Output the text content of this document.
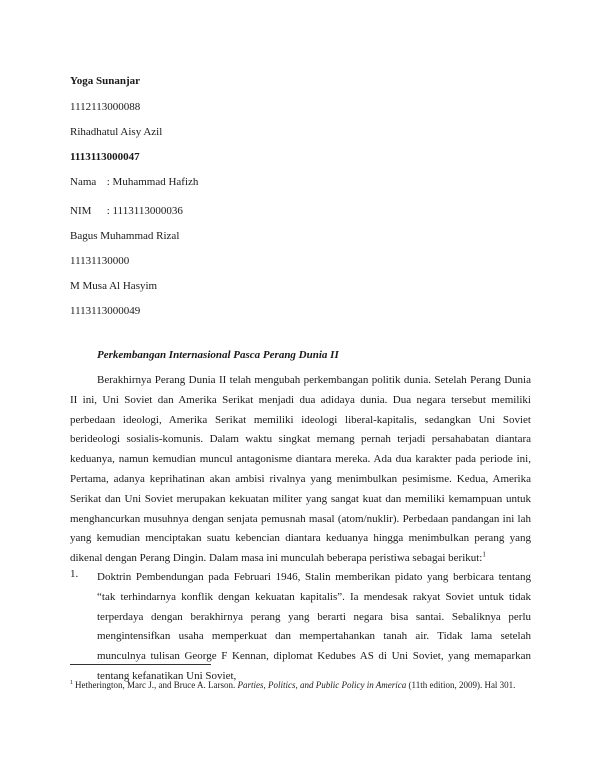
Yoga Sunanjar
1112113000088
Rihadhatul Aisy Azil
1113113000047
Nama : Muhammad Hafizh
NIM : 1113113000036
Bagus Muhammad Rizal
11131130000
M Musa Al Hasyim
1113113000049
Perkembangan Internasional Pasca Perang Dunia II

Berakhirnya Perang Dunia II telah mengubah perkembangan politik dunia. Setelah Perang Dunia II ini, Uni Soviet dan Amerika Serikat menjadi dua adidaya dunia. Dua negara tersebut memiliki perbedaan ideologi, Amerika Serikat memiliki ideologi liberal-kapitalis, sedangkan Uni Soviet berideologi sosialis-komunis. Dalam waktu singkat memang pernah terjadi persahabatan diantara keduanya, namun kemudian muncul antagonisme diantara mereka. Ada dua karakter pada periode ini, Pertama, adanya keprihatinan akan ambisi rivalnya yang menimbulkan pesimisme. Kedua, Amerika Serikat dan Uni Soviet merupakan kekuatan militer yang sangat kuat dan memiliki kemampuan untuk menghancurkan musuhnya dengan senjata pemusnah masal (atom/nuklir). Perbedaan pandangan ini lah yang kemudian menciptakan suatu kebencian diantara keduanya hingga menimbulkan perang yang dikenal dengan Perang Dingin. Dalam masa ini munculah beberapa peristiwa sebagai berikut:$^1$

1. Doktrin Pembendungan pada Februari 1946, Stalin memberikan pidato yang berbicara tentang “tak terhindarnya konflik dengan kekuatan kapitalis”. Ia mendesak rakyat Soviet untuk tidak terperdaya dengan berakhirnya perang yang berarti negara bisa santai. Sebaliknya perlu mengintensifkan usaha memperkuat dan mempertahankan tanah air. Tidak lama setelah munculnya tulisan George F Kennan, diplomat Kedubes AS di Uni Soviet, yang memaparkan tentang kefanatikan Uni Soviet,

$^1$ Hetherington, Marc J., and Bruce A. Larson. Parties, Politics, and Public Policy in America (11th edition, 2009). Hal 301.
